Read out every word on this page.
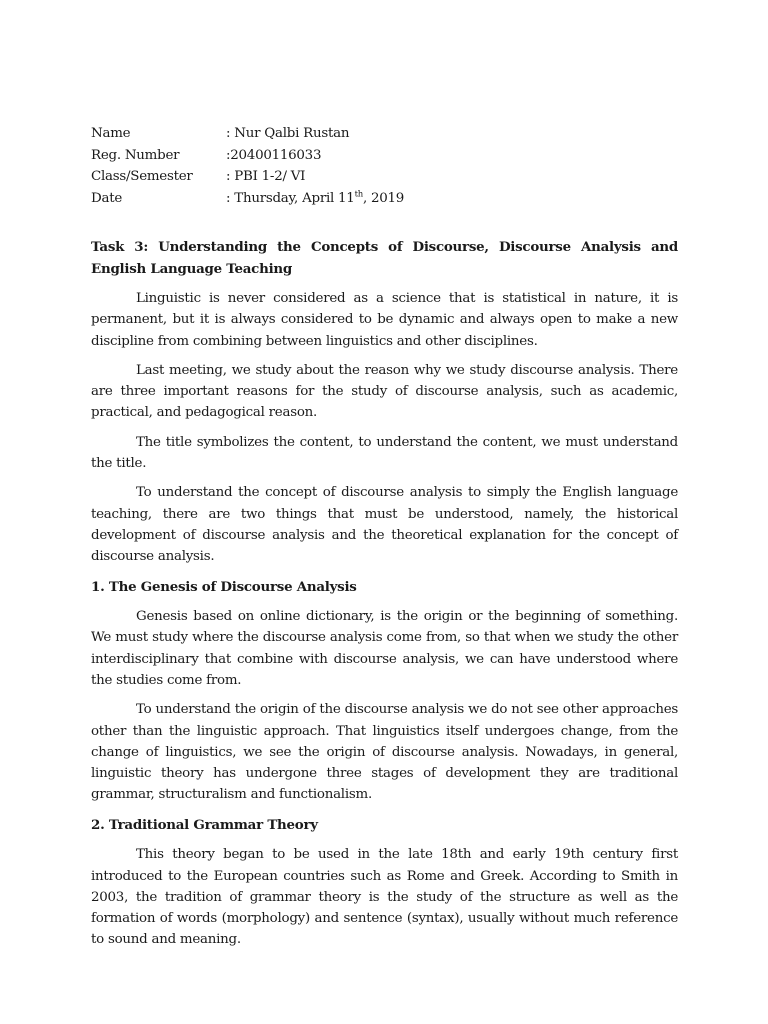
Name	: Nur Qalbi Rustan
Reg. Number	:20400116033
Class/Semester	: PBI 1-2/ VI
Date	: Thursday, April 11th, 2019
Task 3: Understanding the Concepts of Discourse, Discourse Analysis and English Language Teaching

Linguistic is never considered as a science that is statistical in nature, it is permanent, but it is always considered to be dynamic and always open to make a new discipline from combining between linguistics and other disciplines.

Last meeting, we study about the reason why we study discourse analysis. There are three important reasons for the study of discourse analysis, such as academic, practical, and pedagogical reason.

The title symbolizes the content, to understand the content, we must understand the title.

To understand the concept of discourse analysis to simply the English language teaching, there are two things that must be understood, namely, the historical development of discourse analysis and the theoretical explanation for the concept of discourse analysis.

1. The Genesis of Discourse Analysis

Genesis based on online dictionary, is the origin or the beginning of something. We must study where the discourse analysis come from, so that when we study the other interdisciplinary that combine with discourse analysis, we can have understood where the studies come from.

To understand the origin of the discourse analysis we do not see other approaches other than the linguistic approach. That linguistics itself undergoes change, from the change of linguistics, we see the origin of discourse analysis. Nowadays, in general, linguistic theory has undergone three stages of development they are traditional grammar, structuralism and functionalism.

2. Traditional Grammar Theory

This theory began to be used in the late 18th and early 19th century first introduced to the European countries such as Rome and Greek. According to Smith in 2003, the tradition of grammar theory is the study of the structure as well as the formation of words (morphology) and sentence (syntax), usually without much reference to sound and meaning.
